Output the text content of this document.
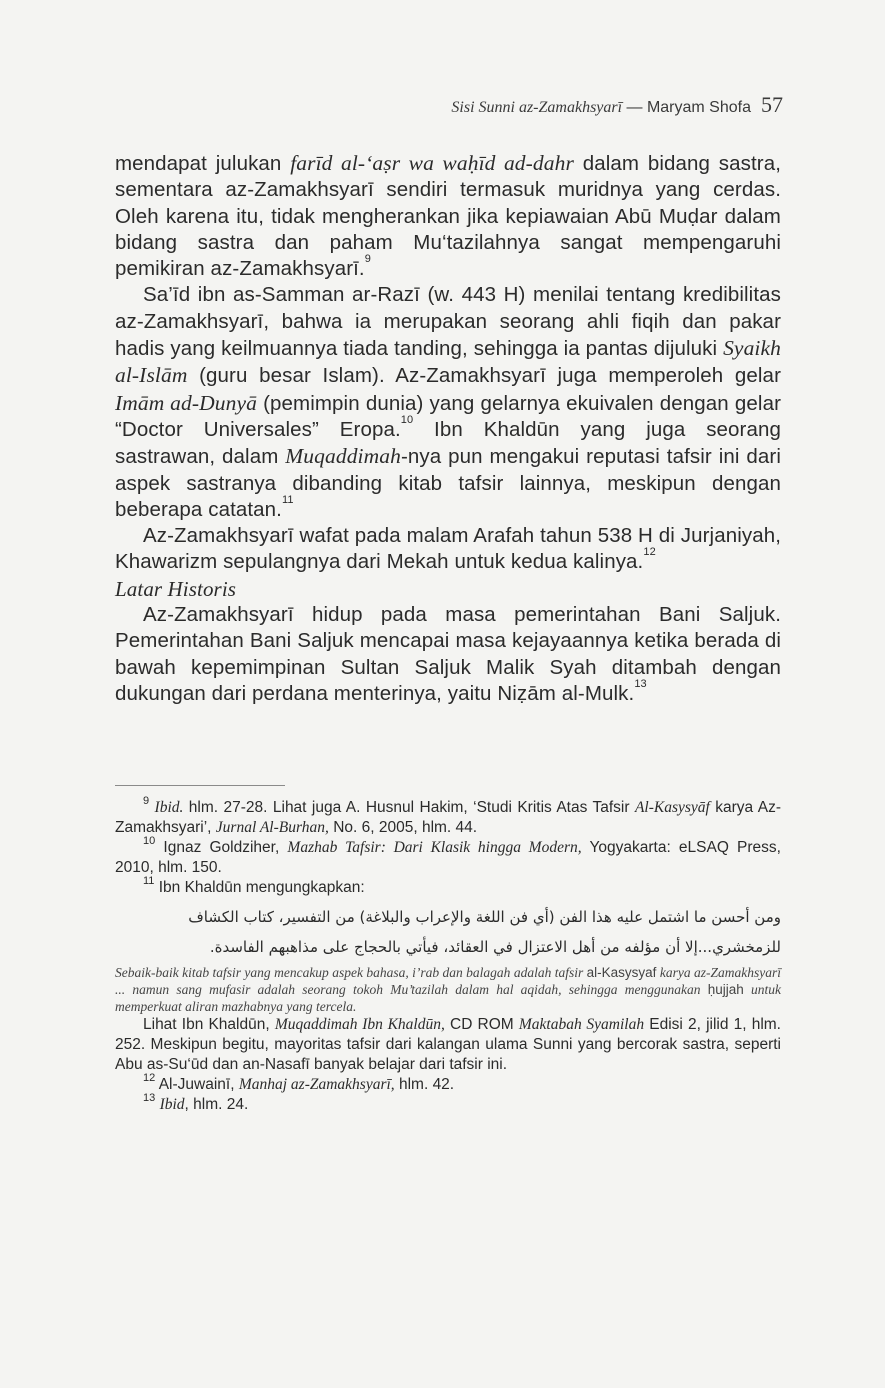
Sisi Sunni az-Zamakhsyarī — Maryam Shofa 57

mendapat julukan farīd al-‘aṣr wa waḥīd ad-dahr dalam bidang sastra, sementara az-Zamakhsyarī sendiri termasuk muridnya yang cerdas. Oleh karena itu, tidak mengherankan jika kepiawaian Abū Muḍar dalam bidang sastra dan paham Mu‘tazilahnya sangat mempengaruhi pemikiran az-Zamakhsyarī.$^9$

Sa’īd ibn as-Samman ar-Razī (w. 443 H) menilai tentang kredibilitas az-Zamakhsyarī, bahwa ia merupakan seorang ahli fiqih dan pakar hadis yang keilmuannya tiada tanding, sehingga ia pantas dijuluki Syaikh al-Islām (guru besar Islam). Az-Zamakhsyarī juga memperoleh gelar Imām ad-Dunyā (pemimpin dunia) yang gelarnya ekuivalen dengan gelar “Doctor Universales” Eropa.$^{10}$ Ibn Khaldūn yang juga seorang sastrawan, dalam Muqaddimah-nya pun mengakui reputasi tafsir ini dari aspek sastranya dibanding kitab tafsir lainnya, meskipun dengan beberapa catatan.$^{11}$

Az-Zamakhsyarī wafat pada malam Arafah tahun 538 H di Jurjaniyah, Khawarizm sepulangnya dari Mekah untuk kedua kalinya.$^{12}$

Latar Historis

Az-Zamakhsyarī hidup pada masa pemerintahan Bani Saljuk. Pemerintahan Bani Saljuk mencapai masa kejayaannya ketika berada di bawah kepemimpinan Sultan Saljuk Malik Syah ditambah dengan dukungan dari perdana menterinya, yaitu Niẓām al-Mulk.$^{13}$

$^9$ Ibid. hlm. 27-28. Lihat juga A. Husnul Hakim, ‘Studi Kritis Atas Tafsir Al-Kasysyāf karya Az-Zamakhsyari’, Jurnal Al-Burhan, No. 6, 2005, hlm. 44.

$^{10}$ Ignaz Goldziher, Mazhab Tafsir: Dari Klasik hingga Modern, Yogyakarta: eLSAQ Press, 2010, hlm. 150.

$^{11}$ Ibn Khaldūn mengungkapkan:

ومن أحسن ما اشتمل عليه هذا الفن (أي فن اللغة والإعراب والبلاغة) من التفسير، كتاب الكشاف
للزمخشري...إلا أن مؤلفه من أهل الاعتزال في العقائد، فيأتي بالحجاج على مذاهبهم الفاسدة.

Sebaik-baik kitab tafsir yang mencakup aspek bahasa, i’rab dan balagah adalah tafsir al-Kasysyaf karya az-Zamakhsyarī ... namun sang mufasir adalah seorang tokoh Mu’tazilah dalam hal aqidah, sehingga menggunakan ḥujjah untuk memperkuat aliran mazhabnya yang tercela.

Lihat Ibn Khaldūn, Muqaddimah Ibn Khaldūn, CD ROM Maktabah Syamilah Edisi 2, jilid 1, hlm. 252. Meskipun begitu, mayoritas tafsir dari kalangan ulama Sunni yang bercorak sastra, seperti Abu as-Su‘ūd dan an-Nasafī banyak belajar dari tafsir ini.

$^{12}$ Al-Juwainī, Manhaj az-Zamakhsyarī, hlm. 42.

$^{13}$ Ibid, hlm. 24.
